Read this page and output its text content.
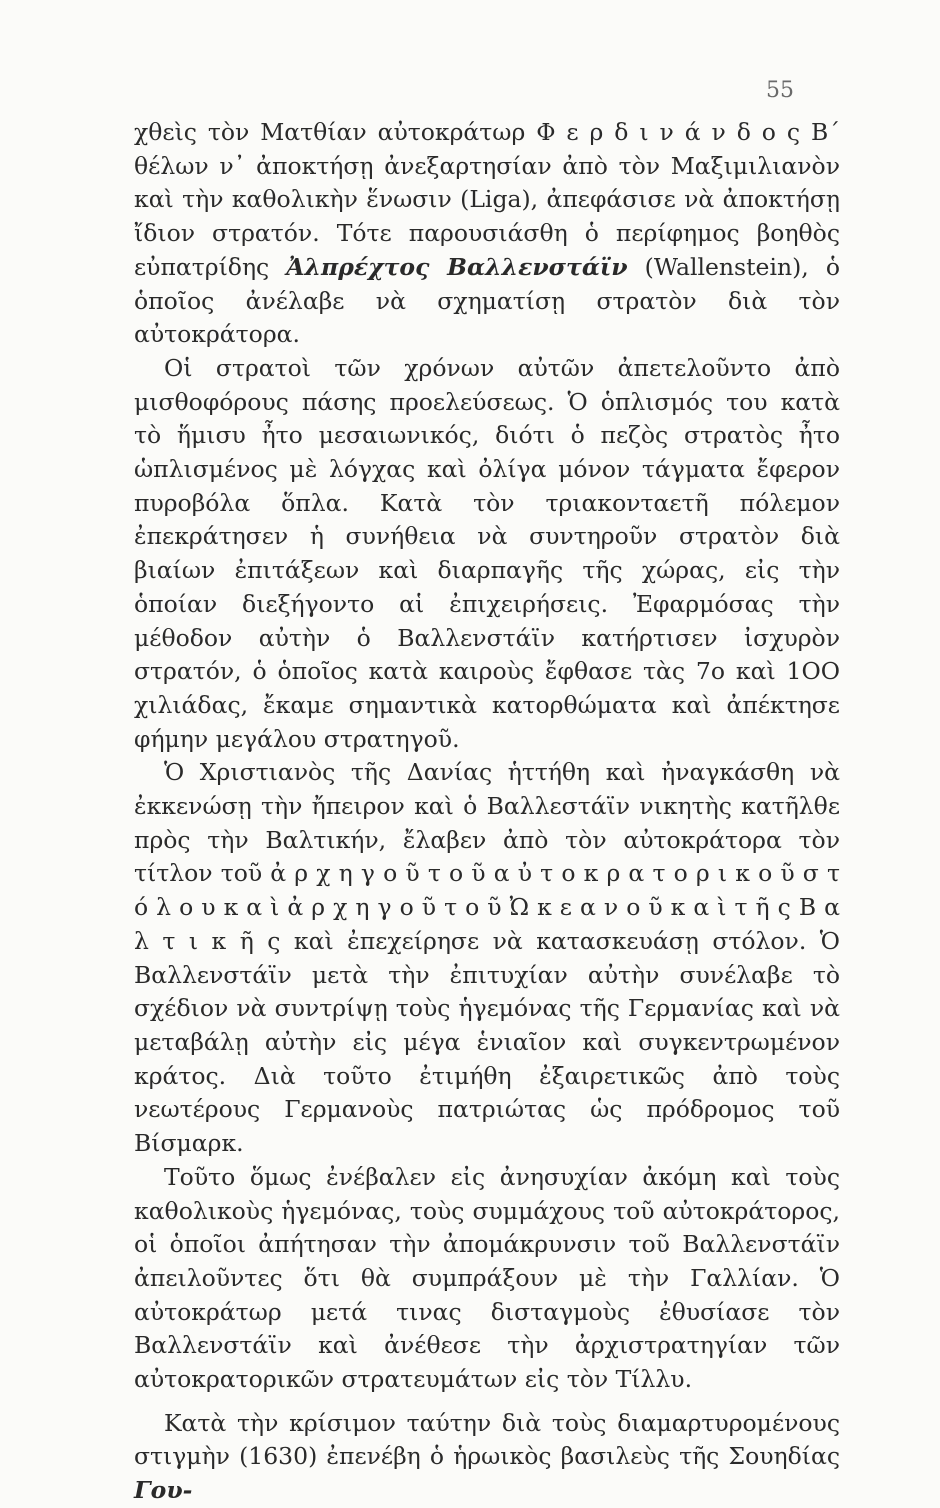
55

χθεὶς τὸν Ματθίαν αὐτοκράτωρ Φ ε ρ δ ι ν ά ν δ ο ς Β΄ θέλων ν᾽ ἀποκτήσῃ ἀνεξαρτησίαν ἀπὸ τὸν Μαξιμιλιανὸν καὶ τὴν καθολικὴν ἕνωσιν (Liga), ἀπεφάσισε νὰ ἀποκτήσῃ ἴδιον στρατόν. Τότε παρουσιάσθη ὁ περίφημος βοηθὸς εὐπατρίδης Ἀλπρέχτος Βαλλενστάϊν (Wallenstein), ὁ ὁποῖος ἀνέλαβε νὰ σχηματίσῃ στρατὸν διὰ τὸν αὐτοκράτορα.

Οἱ στρατοὶ τῶν χρόνων αὐτῶν ἀπετελοῦντο ἀπὸ μισθοφόρους πάσης προελεύσεως. Ὁ ὁπλισμός του κατὰ τὸ ἥμισυ ἦτο μεσαιωνικός, διότι ὁ πεζὸς στρατὸς ἦτο ὡπλισμένος μὲ λόγχας καὶ ὀλίγα μόνον τάγματα ἔφερον πυροβόλα ὅπλα. Κατὰ τὸν τριακονταετῆ πόλεμον ἐπεκράτησεν ἡ συνήθεια νὰ συντηροῦν στρατὸν διὰ βιαίων ἐπιτάξεων καὶ διαρπαγῆς τῆς χώρας, εἰς τὴν ὁποίαν διεξήγοντο αἱ ἐπιχειρήσεις. Ἐφαρμόσας τὴν μέθοδον αὐτὴν ὁ Βαλλενστάϊν κατήρτισεν ἰσχυρὸν στρατόν, ὁ ὁποῖος κατὰ καιροὺς ἔφθασε τὰς 7ο καὶ 1ΟΟ χιλιάδας, ἔκαμε σημαντικὰ κατορθώματα καὶ ἀπέκτησε φήμην μεγάλου στρατηγοῦ.

Ὁ Χριστιανὸς τῆς Δανίας ἡττήθη καὶ ἠναγκάσθη νὰ ἐκκενώσῃ τὴν ἤπειρον καὶ ὁ Βαλλεστάϊν νικητὴς κατῆλθε πρὸς τὴν Βαλτικήν, ἔλαβεν ἀπὸ τὸν αὐτοκράτορα τὸν τίτλον τοῦ ἀ ρ χ η γ ο ῦ τ ο ῦ α ὐ τ ο κ ρ α τ ο ρ ι κ ο ῦ σ τ ό λ ο υ κ α ὶ ἀ ρ χ η γ ο ῦ τ ο ῦ Ὠ κ ε α ν ο ῦ κ α ὶ τ ῆ ς Β α λ τ ι κ ῆ ς καὶ ἐπεχείρησε νὰ κατασκευάσῃ στόλον. Ὁ Βαλλενστάϊν μετὰ τὴν ἐπιτυχίαν αὐτὴν συνέλαβε τὸ σχέδιον νὰ συντρίψῃ τοὺς ἡγεμόνας τῆς Γερμανίας καὶ νὰ μεταβάλῃ αὐτὴν εἰς μέγα ἑνιαῖον καὶ συγκεντρωμένον κράτος. Διὰ τοῦτο ἐτιμήθη ἐξαιρετικῶς ἀπὸ τοὺς νεωτέρους Γερμανοὺς πατριώτας ὡς πρόδρομος τοῦ Βίσμαρκ.

Τοῦτο ὅμως ἐνέβαλεν εἰς ἀνησυχίαν ἀκόμη καὶ τοὺς καθολικοὺς ἡγεμόνας, τοὺς συμμάχους τοῦ αὐτοκράτορος, οἱ ὁποῖοι ἀπήτησαν τὴν ἀπομάκρυνσιν τοῦ Βαλλενστάϊν ἀπειλοῦντες ὅτι θὰ συμπράξουν μὲ τὴν Γαλλίαν. Ὁ αὐτοκράτωρ μετά τινας δισταγμοὺς ἐθυσίασε τὸν Βαλλενστάϊν καὶ ἀνέθεσε τὴν ἀρχιστρατηγίαν τῶν αὐτοκρατορικῶν στρατευμάτων εἰς τὸν Τίλλυ.

Κατὰ τὴν κρίσιμον ταύτην διὰ τοὺς διαμαρτυρομένους στιγμὴν (1630) ἐπενέβη ὁ ἡρωικὸς βασιλεὺς τῆς Σουηδίας Γου-
